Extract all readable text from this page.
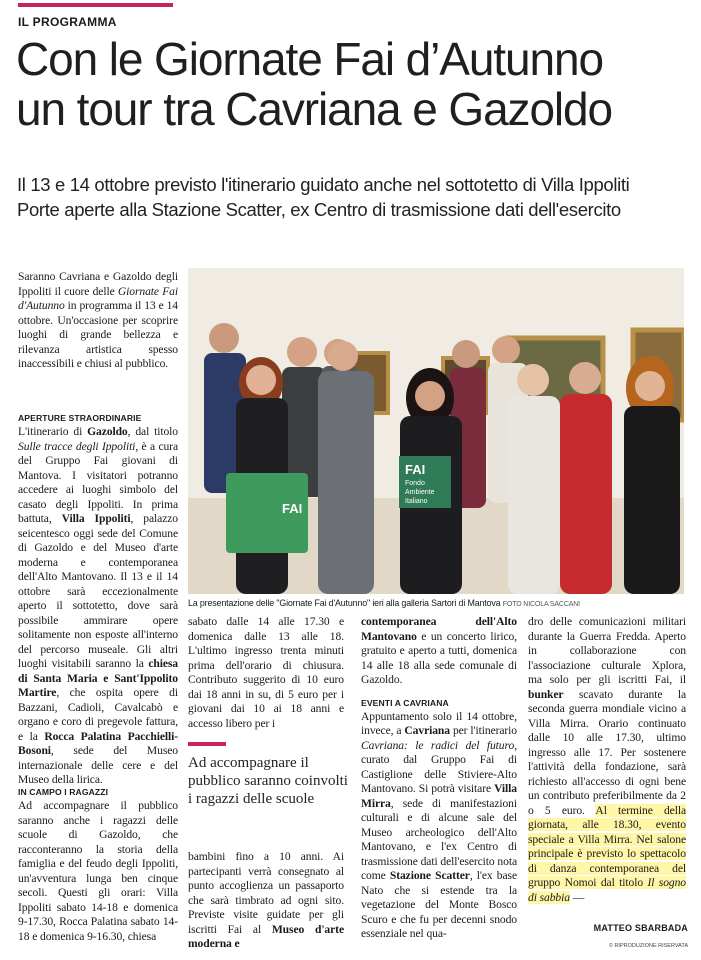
IL PROGRAMMA
Con le Giornate Fai d’Autunno
un tour tra Cavriana e Gazoldo
Il 13 e 14 ottobre previsto l'itinerario guidato anche nel sottotetto di Villa Ippoliti
Porte aperte alla Stazione Scatter, ex Centro di trasmissione dati dell'esercito
FAI
FAI
Fondo
Ambiente
Italiano
La presentazione delle "Giornate Fai d'Autunno" ieri alla galleria Sartori di Mantova FOTO NICOLA SACCANI

Saranno Cavriana e Gazoldo degli Ippoliti il cuore delle Giornate Fai d'Autunno in programma il 13 e 14 ottobre. Un'occasione per scoprire luoghi di grande bellezza e rilevanza artistica spesso inaccessibili e chiusi al pubblico.

APERTURE STRAORDINARIE

L'itinerario di Gazoldo, dal titolo Sulle tracce degli Ippoliti, è a cura del Gruppo Fai giovani di Mantova. I visitatori potranno accedere ai luoghi simbolo del casato degli Ippoliti. In prima battuta, Villa Ippoliti, palazzo seicentesco oggi sede del Comune di Gazoldo e del Museo d'arte moderna e contemporanea dell'Alto Mantovano. Il 13 e il 14 ottobre sarà eccezionalmente aperto il sottotetto, dove sarà possibile ammirare opere solitamente non esposte all'interno del percorso museale. Gli altri luoghi visitabili saranno la chiesa di Santa Maria e Sant'Ippolito Martire, che ospita opere di Bazzani, Cadioli, Cavalcabò e organo e coro di pregevole fattura, e la Rocca Palatina Pacchielli-Bosoni, sede del Museo internazionale delle cere e del Museo della lirica.

IN CAMPO I RAGAZZI

Ad accompagnare il pubblico saranno anche i ragazzi delle scuole di Gazoldo, che racconteranno la storia della famiglia e del feudo degli Ippoliti, un'avventura lunga ben cinque secoli. Questi gli orari: Villa Ippoliti sabato 14-18 e domenica 9-17.30, Rocca Palatina sabato 14-18 e domenica 9-16.30, chiesa

sabato dalle 14 alle 17.30 e domenica dalle 13 alle 18. L'ultimo ingresso trenta minuti prima dell'orario di chiusura. Contributo suggerito di 10 euro dai 18 anni in su, di 5 euro per i giovani dai 10 ai 18 anni e accesso libero per i

Ad accompagnare il pubblico saranno coinvolti i ragazzi delle scuole

bambini fino a 10 anni. Ai partecipanti verrà consegnato al punto accoglienza un passaporto che sarà timbrato ad ogni sito. Previste visite guidate per gli iscritti Fai al Museo d'arte moderna e

contemporanea dell'Alto Mantovano e un concerto lirico, gratuito e aperto a tutti, domenica 14 alle 18 alla sede comunale di Gazoldo.

EVENTI A CAVRIANA

Appuntamento solo il 14 ottobre, invece, a Cavriana per l'itinerario Cavriana: le radici del futuro, curato dal Gruppo Fai di Castiglione delle Stiviere-Alto Mantovano. Si potrà visitare Villa Mirra, sede di manifestazioni culturali e di alcune sale del Museo archeologico dell'Alto Mantovano, e l'ex Centro di trasmissione dati dell'esercito nota come Stazione Scatter, l'ex base Nato che si estende tra la vegetazione del Monte Bosco Scuro e che fu per decenni snodo essenziale nel qua-

dro delle comunicazioni militari durante la Guerra Fredda. Aperto in collaborazione con l'associazione culturale Xplora, ma solo per gli iscritti Fai, il bunker scavato durante la seconda guerra mondiale vicino a Villa Mirra. Orario continuato dalle 10 alle 17.30, ultimo ingresso alle 17. Per sostenere l'attività della fondazione, sarà richiesto all'accesso di ogni bene un contributo preferibilmente da 2 o 5 euro. Al termine della giornata, alle 18.30, evento speciale a Villa Mirra. Nel salone principale è previsto lo spettacolo di danza contemporanea del gruppo Nomoi dal titolo Il sogno di sabbia —

MATTEO SBARBADA
© RIPRODUZIONE RISERVATA
